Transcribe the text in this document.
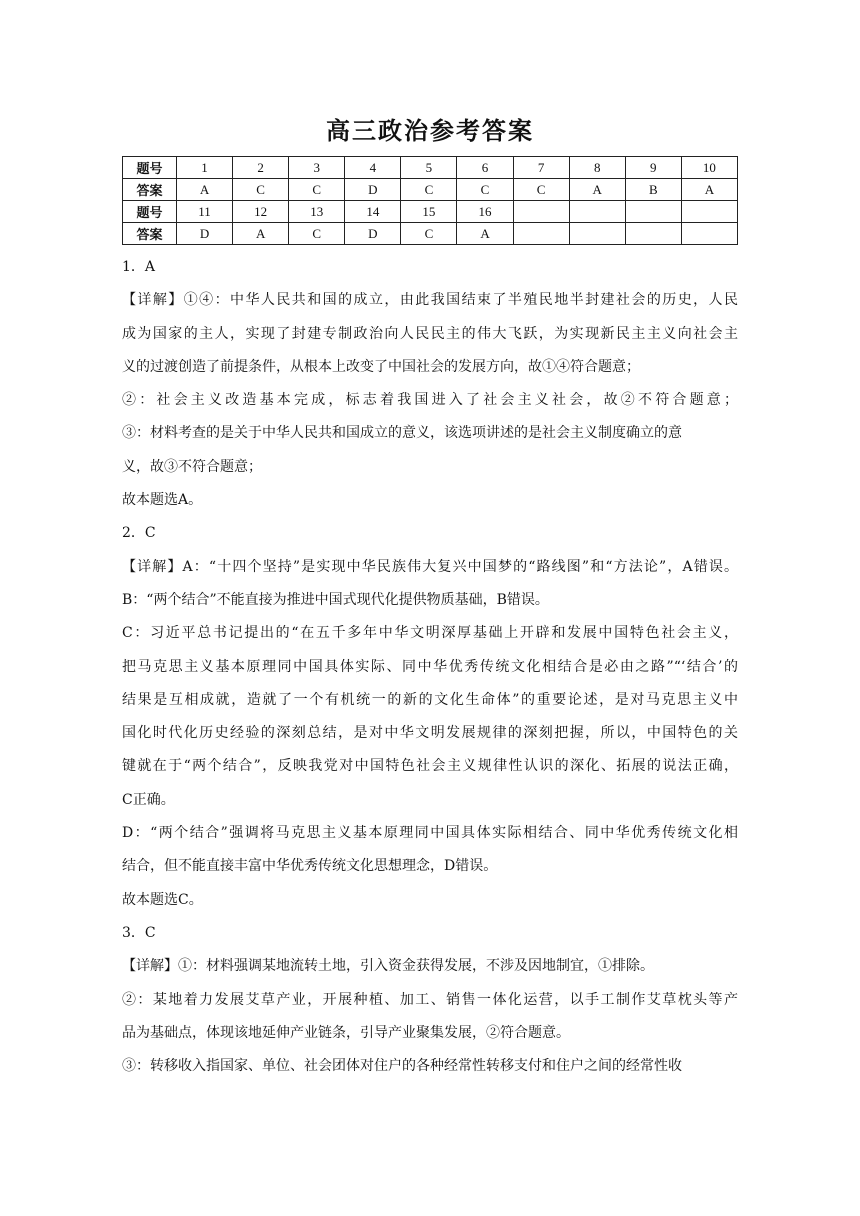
高三政治参考答案
题号	1	2	3	4	5	6	7	8	9	10
答案	A	C	C	D	C	C	C	A	B	A
题号	11	12	13	14	15	16				
答案	D	A	C	D	C	A				
1．A
【详解】①④：中华人民共和国的成立，由此我国结束了半殖民地半封建社会的历史，人民
成为国家的主人，实现了封建专制政治向人民民主的伟大飞跃，为实现新民主主义向社会主
义的过渡创造了前提条件，从根本上改变了中国社会的发展方向，故①④符合题意；
②：社会主义改造基本完成，标志着我国进入了社会主义社会，故②不符合题意；
③：材料考查的是关于中华人民共和国成立的意义，该选项讲述的是社会主义制度确立的意
义，故③不符合题意；
故本题选A。
2．C
【详解】A：“十四个坚持”是实现中华民族伟大复兴中国梦的“路线图”和“方法论”，A错误。
B：“两个结合”不能直接为推进中国式现代化提供物质基础，B错误。
C：习近平总书记提出的“在五千多年中华文明深厚基础上开辟和发展中国特色社会主义，
把马克思主义基本原理同中国具体实际、同中华优秀传统文化相结合是必由之路”“‘结合’的
结果是互相成就，造就了一个有机统一的新的文化生命体”的重要论述，是对马克思主义中
国化时代化历史经验的深刻总结，是对中华文明发展规律的深刻把握，所以，中国特色的关
键就在于“两个结合”，反映我党对中国特色社会主义规律性认识的深化、拓展的说法正确，
C正确。
D：“两个结合”强调将马克思主义基本原理同中国具体实际相结合、同中华优秀传统文化相
结合，但不能直接丰富中华优秀传统文化思想理念，D错误。
故本题选C。
3．C
【详解】①：材料强调某地流转土地，引入资金获得发展，不涉及因地制宜，①排除。
②：某地着力发展艾草产业，开展种植、加工、销售一体化运营，以手工制作艾草枕头等产
品为基础点，体现该地延伸产业链条，引导产业聚集发展，②符合题意。
③：转移收入指国家、单位、社会团体对住户的各种经常性转移支付和住户之间的经常性收
